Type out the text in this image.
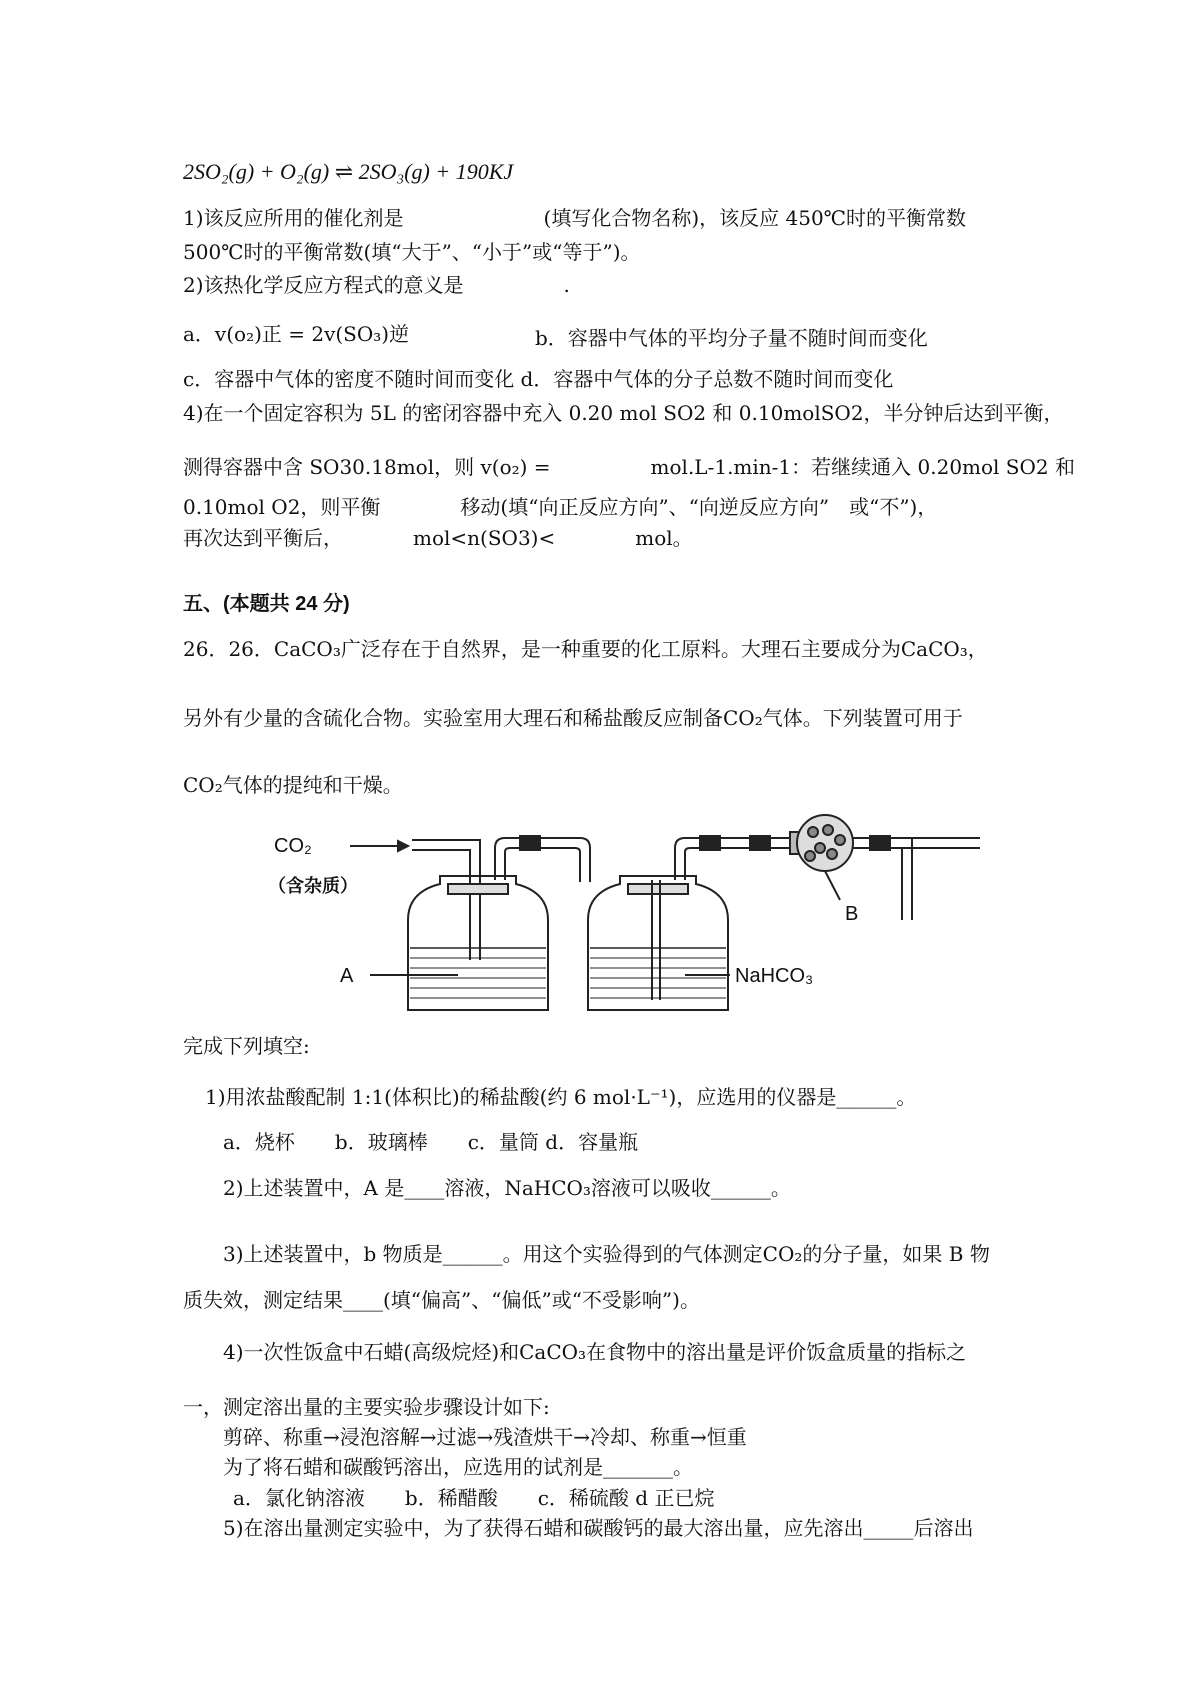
2SO₂(g) + O₂(g) ⇌ 2SO₃(g) + 190KJ
1)该反应所用的催化剂是　　　　　　　(填写化合物名称)，该反应 450℃时的平衡常数
500℃时的平衡常数(填“大于”、“小于”或“等于”)。
2)该热化学反应方程式的意义是　　　　　.
a．v(o₂)正 = 2v(SO₃)逆	b．容器中气体的平均分子量不随时间而变化
c．容器中气体的密度不随时间而变化 d．容器中气体的分子总数不随时间而变化
4)在一个固定容积为 5L 的密闭容器中充入 0.20 mol SO2 和 0.10molSO2，半分钟后达到平衡，
测得容器中含 SO30.18mol，则 v(o₂) =　　　　　mol.L-1.min-1：若继续通入 0.20mol SO2 和
0.10mol O2，则平衡　　　　移动(填“向正反应方向”、“向逆反应方向”　或“不”)，
再次达到平衡后，　　　　mol<n(SO3)<　　　　mol。
五、(本题共 24 分)
26．26．CaCO₃广泛存在于自然界，是一种重要的化工原料。大理石主要成分为CaCO₃，
另外有少量的含硫化合物。实验室用大理石和稀盐酸反应制备CO₂气体。下列装置可用于
CO₂气体的提纯和干燥。
CO₂
（含杂质）
A	NaHCO₃
B
完成下列填空:
1)用浓盐酸配制 1:1(体积比)的稀盐酸(约 6 mol·L⁻¹)，应选用的仪器是______。
a．烧杯　　b．玻璃棒　　c．量筒 d．容量瓶
2)上述装置中，A 是____溶液，NaHCO₃溶液可以吸收______。
3)上述装置中，b 物质是______。用这个实验得到的气体测定CO₂的分子量，如果 B 物
质失效，测定结果____(填“偏高”、“偏低”或“不受影响”)。
4)一次性饭盒中石蜡(高级烷烃)和CaCO₃在食物中的溶出量是评价饭盒质量的指标之
一，测定溶出量的主要实验步骤设计如下:
剪碎、称重→浸泡溶解→过滤→残渣烘干→冷却、称重→恒重
为了将石蜡和碳酸钙溶出，应选用的试剂是_______。
a．氯化钠溶液　　b．稀醋酸　　c．稀硫酸 d 正已烷
5)在溶出量测定实验中，为了获得石蜡和碳酸钙的最大溶出量，应先溶出_____后溶出
